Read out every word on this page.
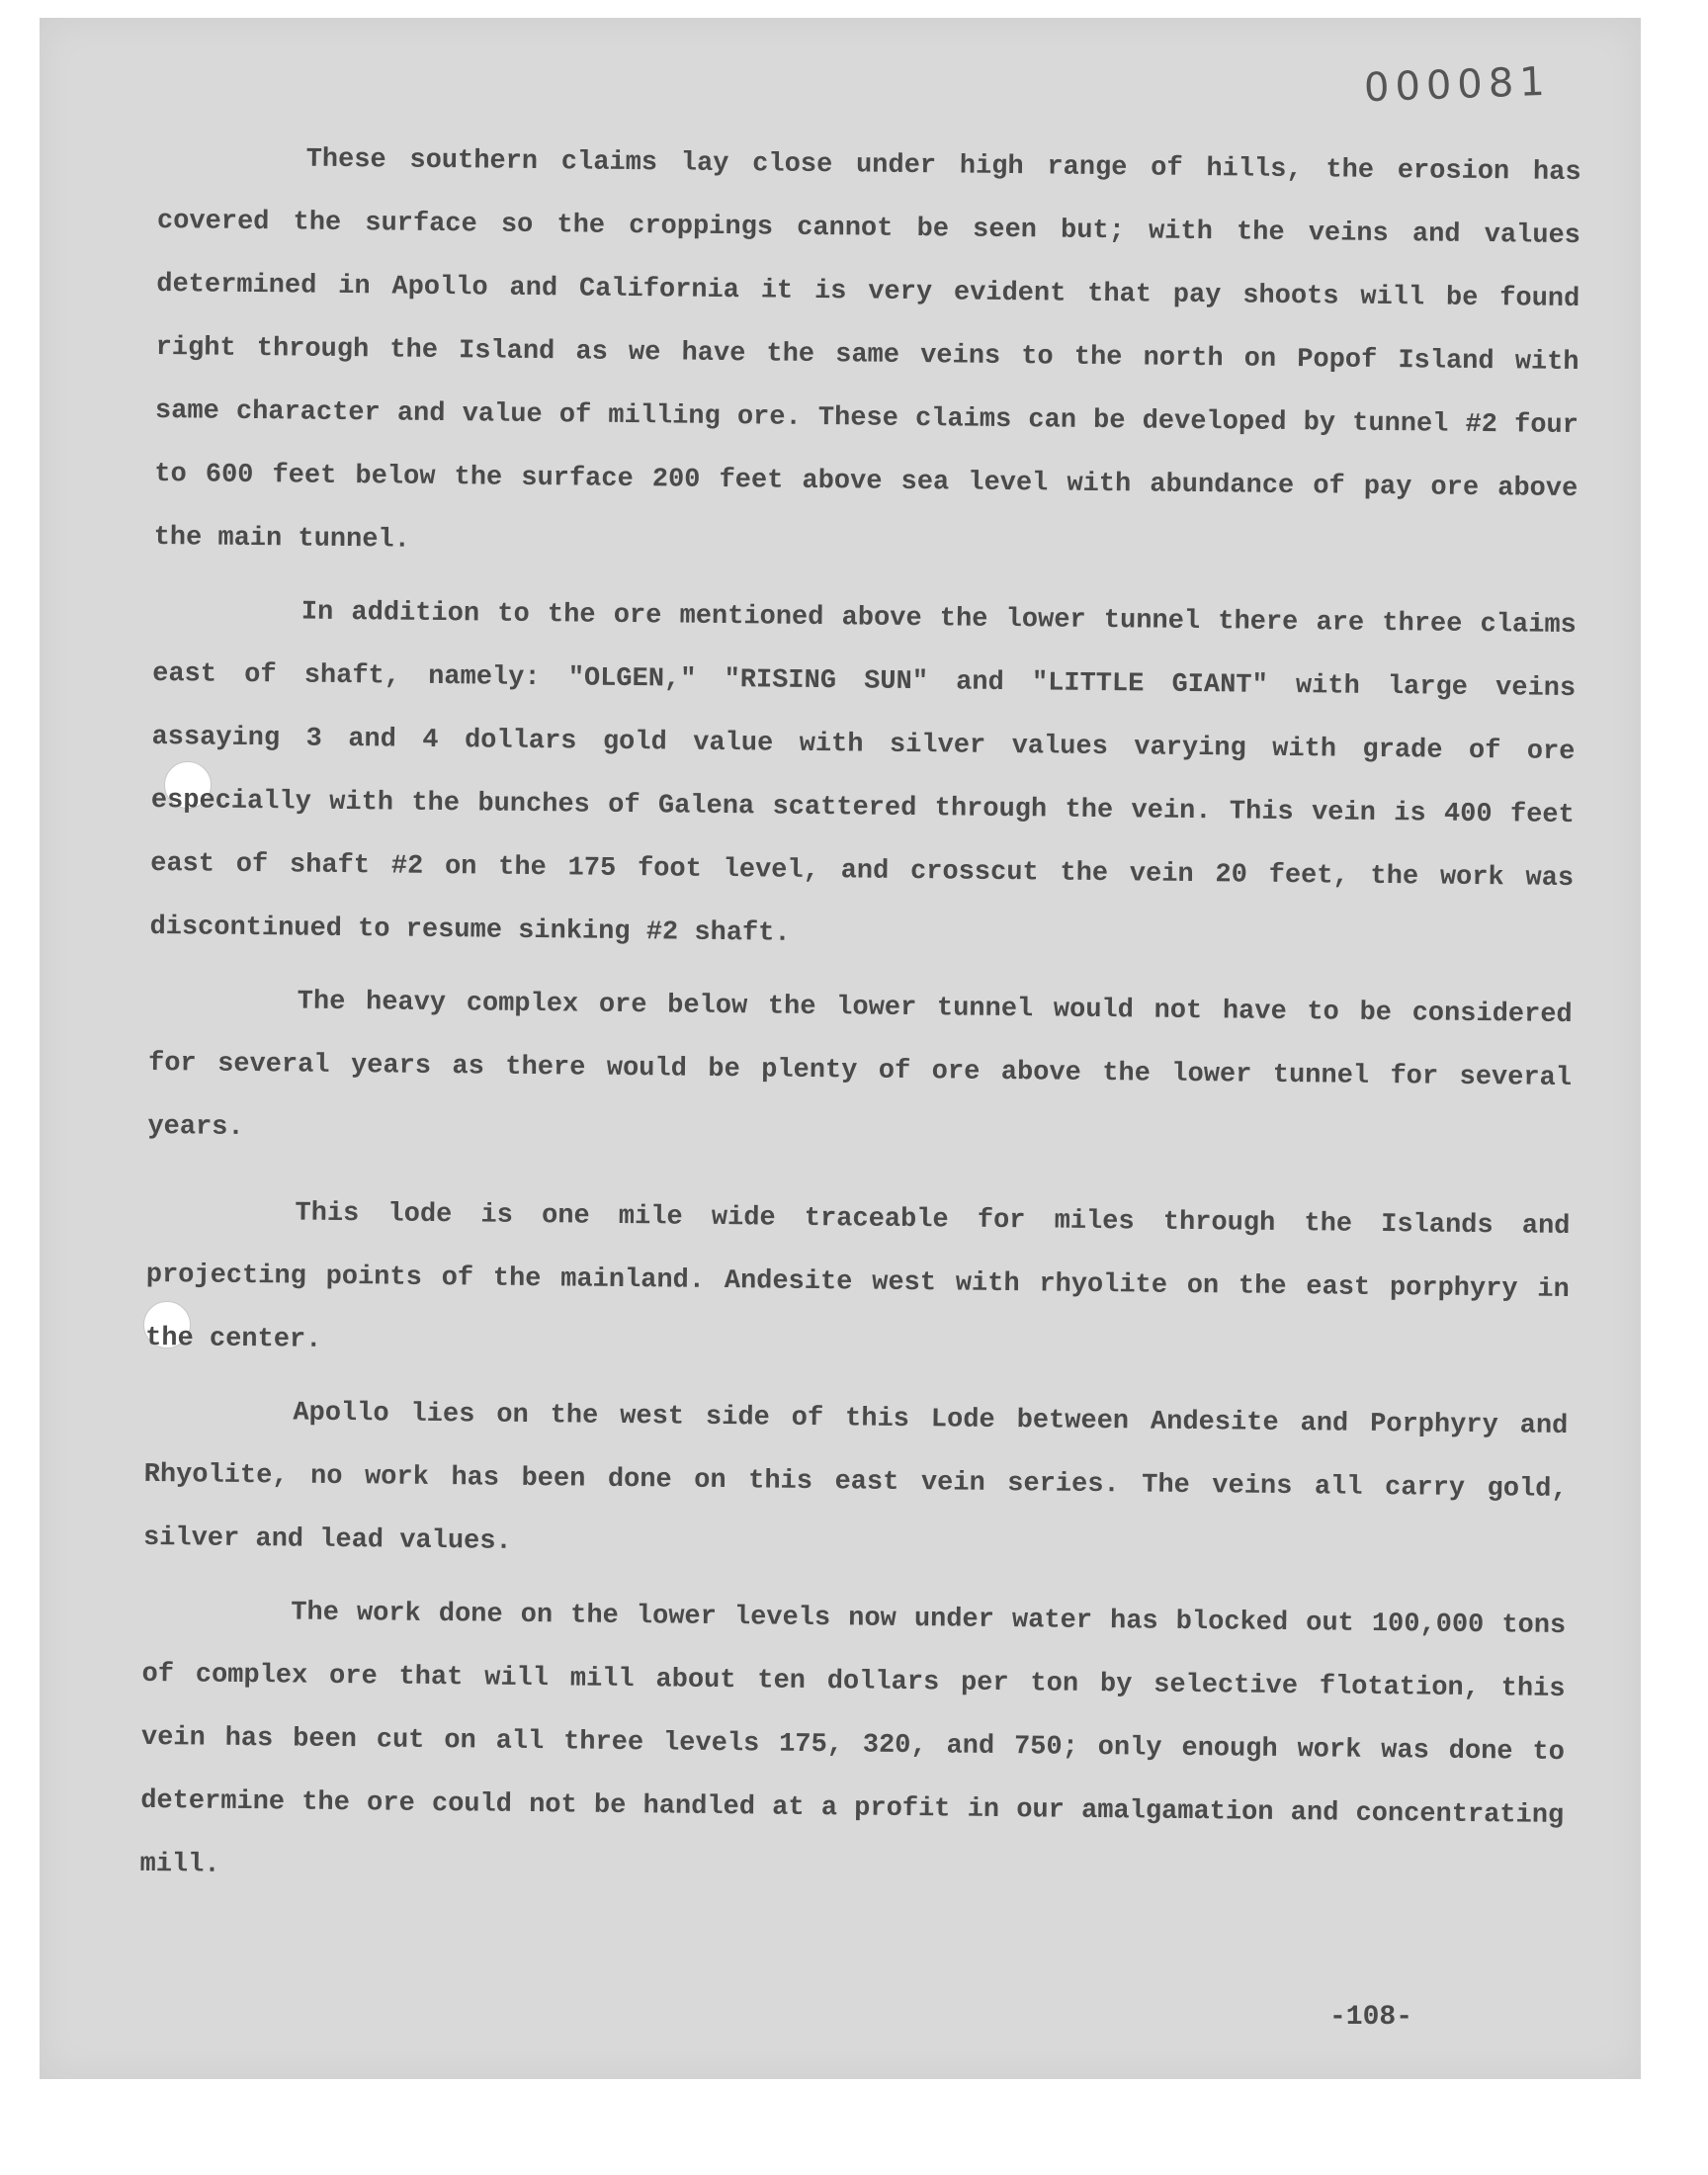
000081

These southern claims lay close under high range of hills, the erosion has covered the surface so the croppings cannot be seen but; with the veins and values determined in Apollo and California it is very evident that pay shoots will be found right through the Island as we have the same veins to the north on Popof Island with same character and value of milling ore. These claims can be developed by tunnel #2 four to 600 feet below the surface 200 feet above sea level with abundance of pay ore above the main tunnel.

In addition to the ore mentioned above the lower tunnel there are three claims east of shaft, namely: "OLGEN," "RISING SUN" and "LITTLE GIANT" with large veins assaying 3 and 4 dollars gold value with silver values varying with grade of ore especially with the bunches of Galena scattered through the vein. This vein is 400 feet east of shaft #2 on the 175 foot level, and crosscut the vein 20 feet, the work was discontinued to resume sinking #2 shaft.

The heavy complex ore below the lower tunnel would not have to be considered for several years as there would be plenty of ore above the lower tunnel for several years.

This lode is one mile wide traceable for miles through the Islands and projecting points of the mainland. Andesite west with rhyolite on the east porphyry in the center.

Apollo lies on the west side of this Lode between Andesite and Porphyry and Rhyolite, no work has been done on this east vein series. The veins all carry gold, silver and lead values.

The work done on the lower levels now under water has blocked out 100,000 tons of complex ore that will mill about ten dollars per ton by selective flotation, this vein has been cut on all three levels 175, 320, and 750; only enough work was done to determine the ore could not be handled at a profit in our amalgamation and concentrating mill.

-108-
